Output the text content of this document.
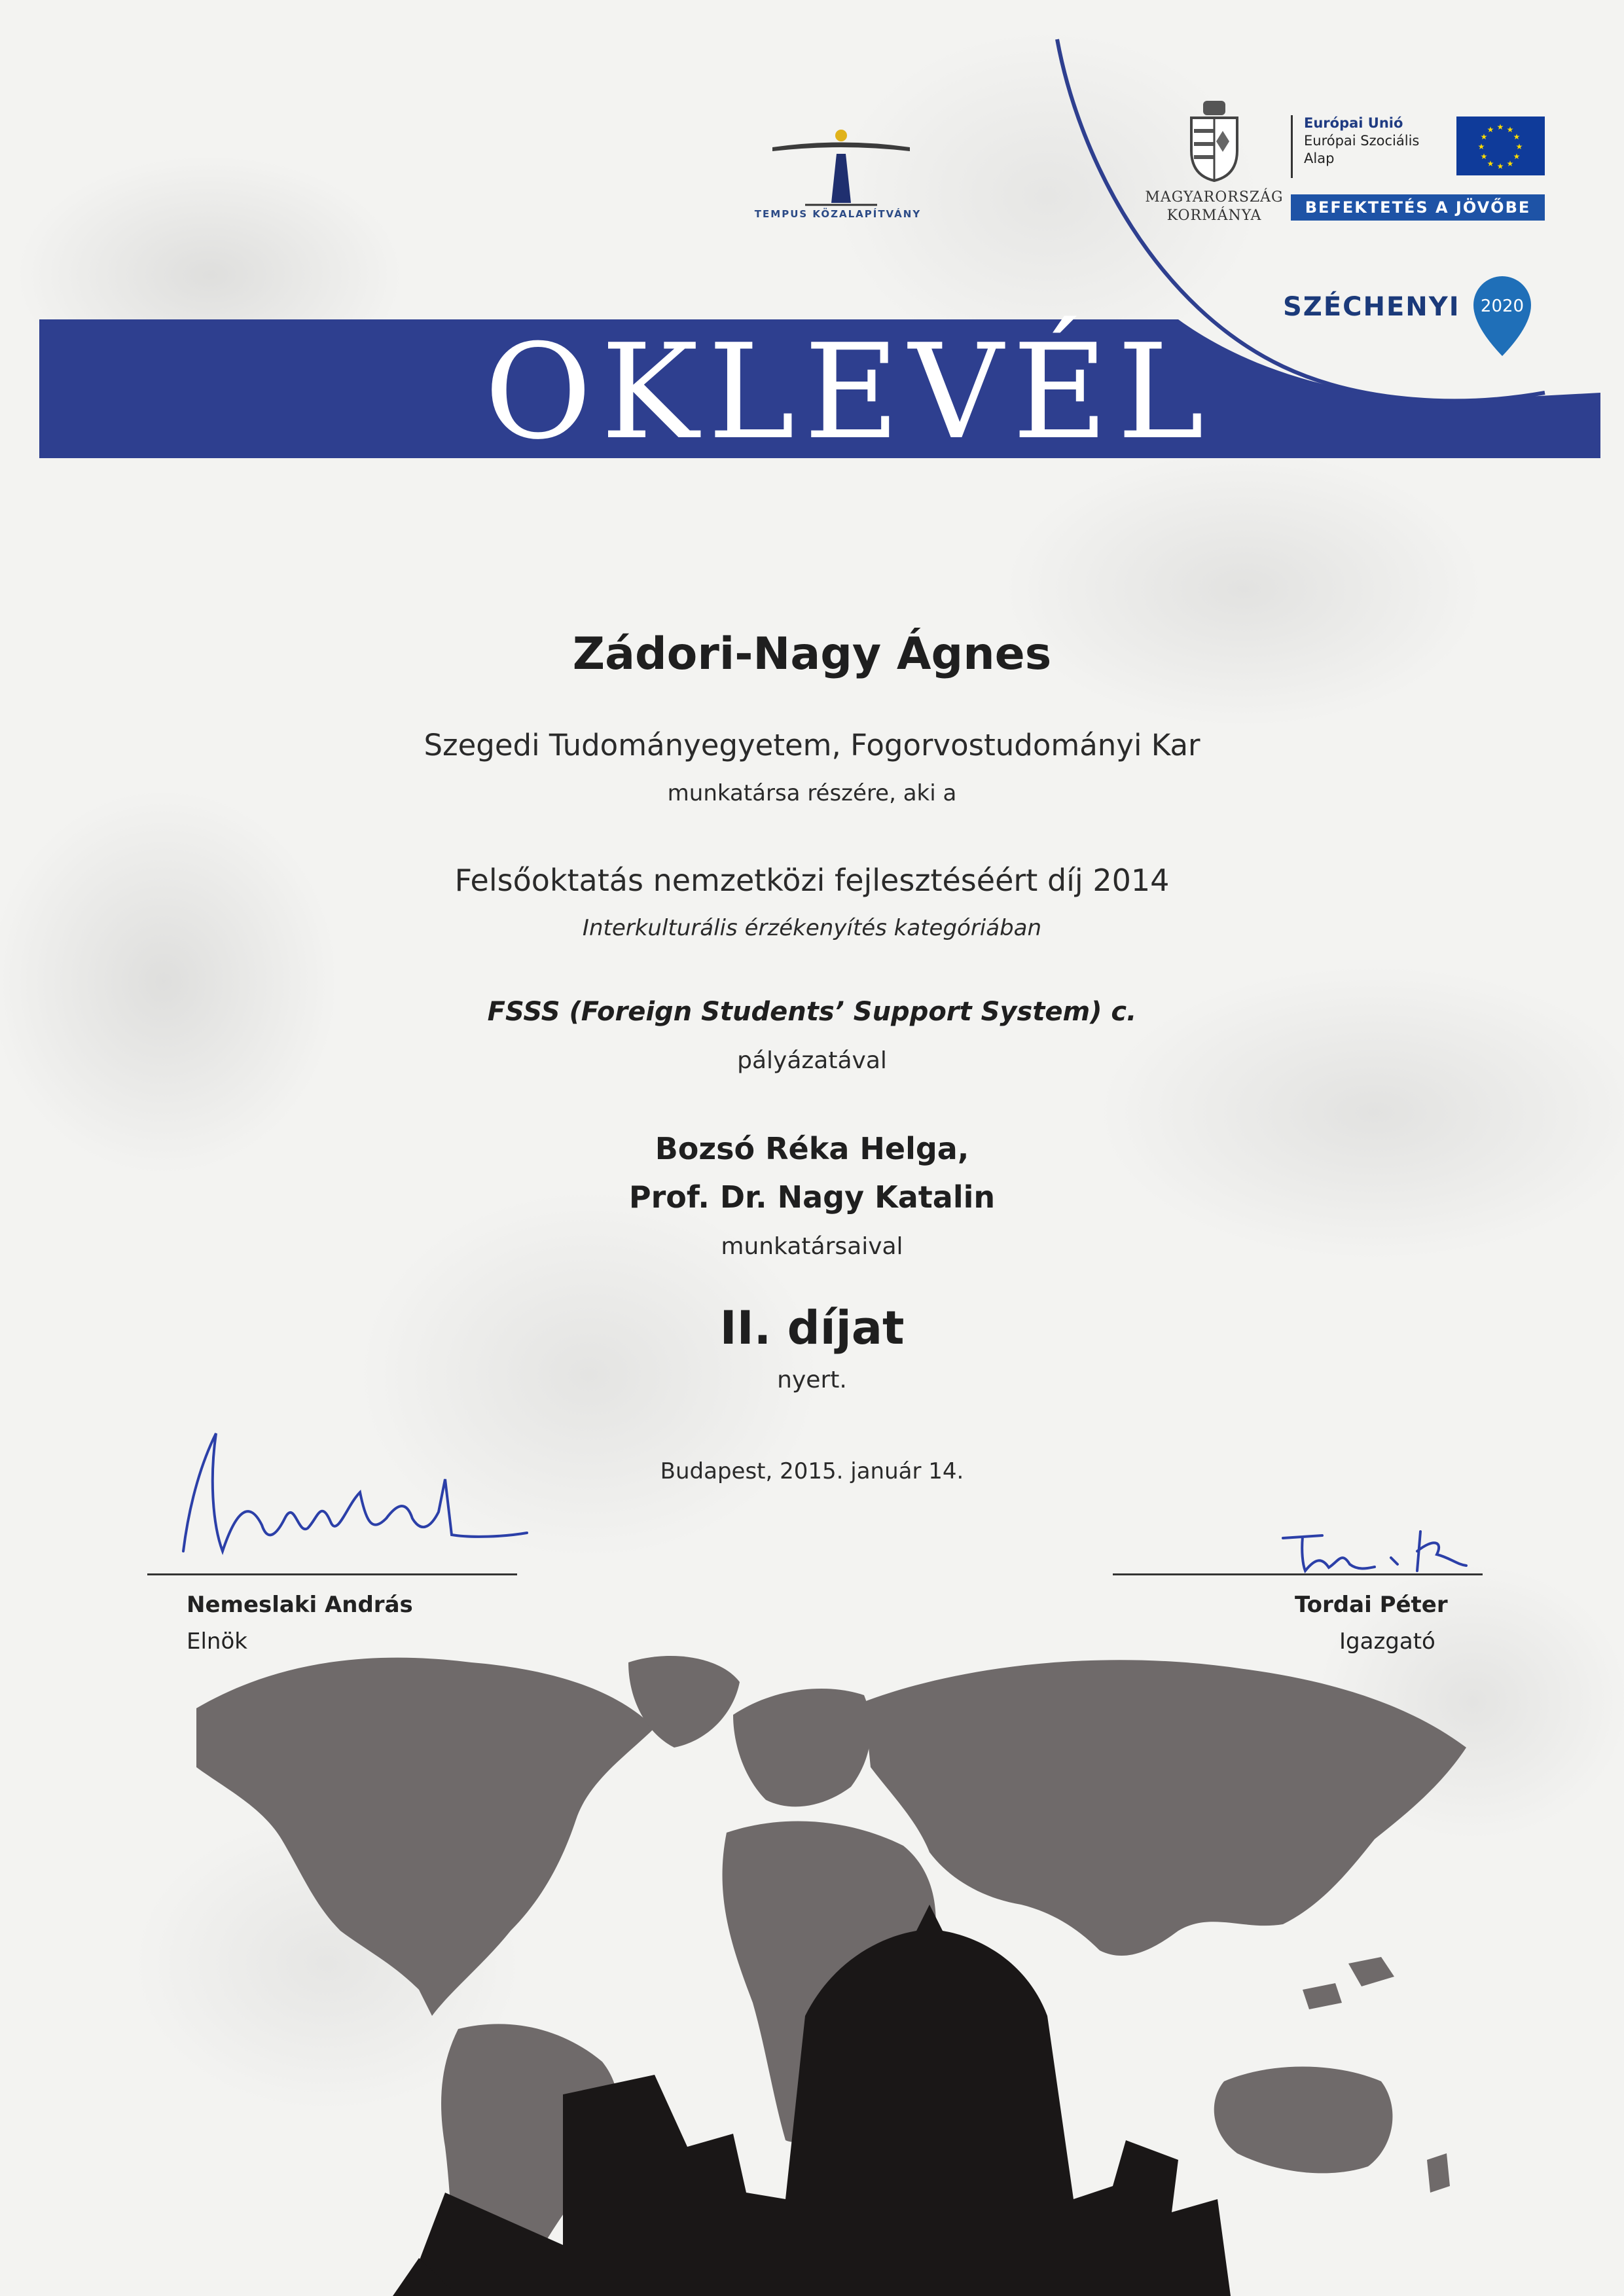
OKLEVÉL
TEMPUS KÖZALAPÍTVÁNY
MAGYARORSZÁG
KORMÁNYA
Európai Unió
Európai Szociális
Alap
★ ★
★
★
★
★
★
★
★
★
★
★
BEFEKTETÉS A JÖVŐBE
SZÉCHENYI 2020
Zádori-Nagy Ágnes
Szegedi Tudományegyetem, Fogorvostudományi Kar
munkatársa részére, aki a
Felsőoktatás nemzetközi fejlesztéséért díj 2014
Interkulturális érzékenyítés kategóriában
FSSS (Foreign Students’ Support System) c.
pályázatával
Bozsó Réka Helga,
Prof. Dr. Nagy Katalin
munkatársaival
II. díjat
nyert.
Budapest, 2015. január 14.
Nemeslaki András
Elnök
Tordai Péter
Igazgató
